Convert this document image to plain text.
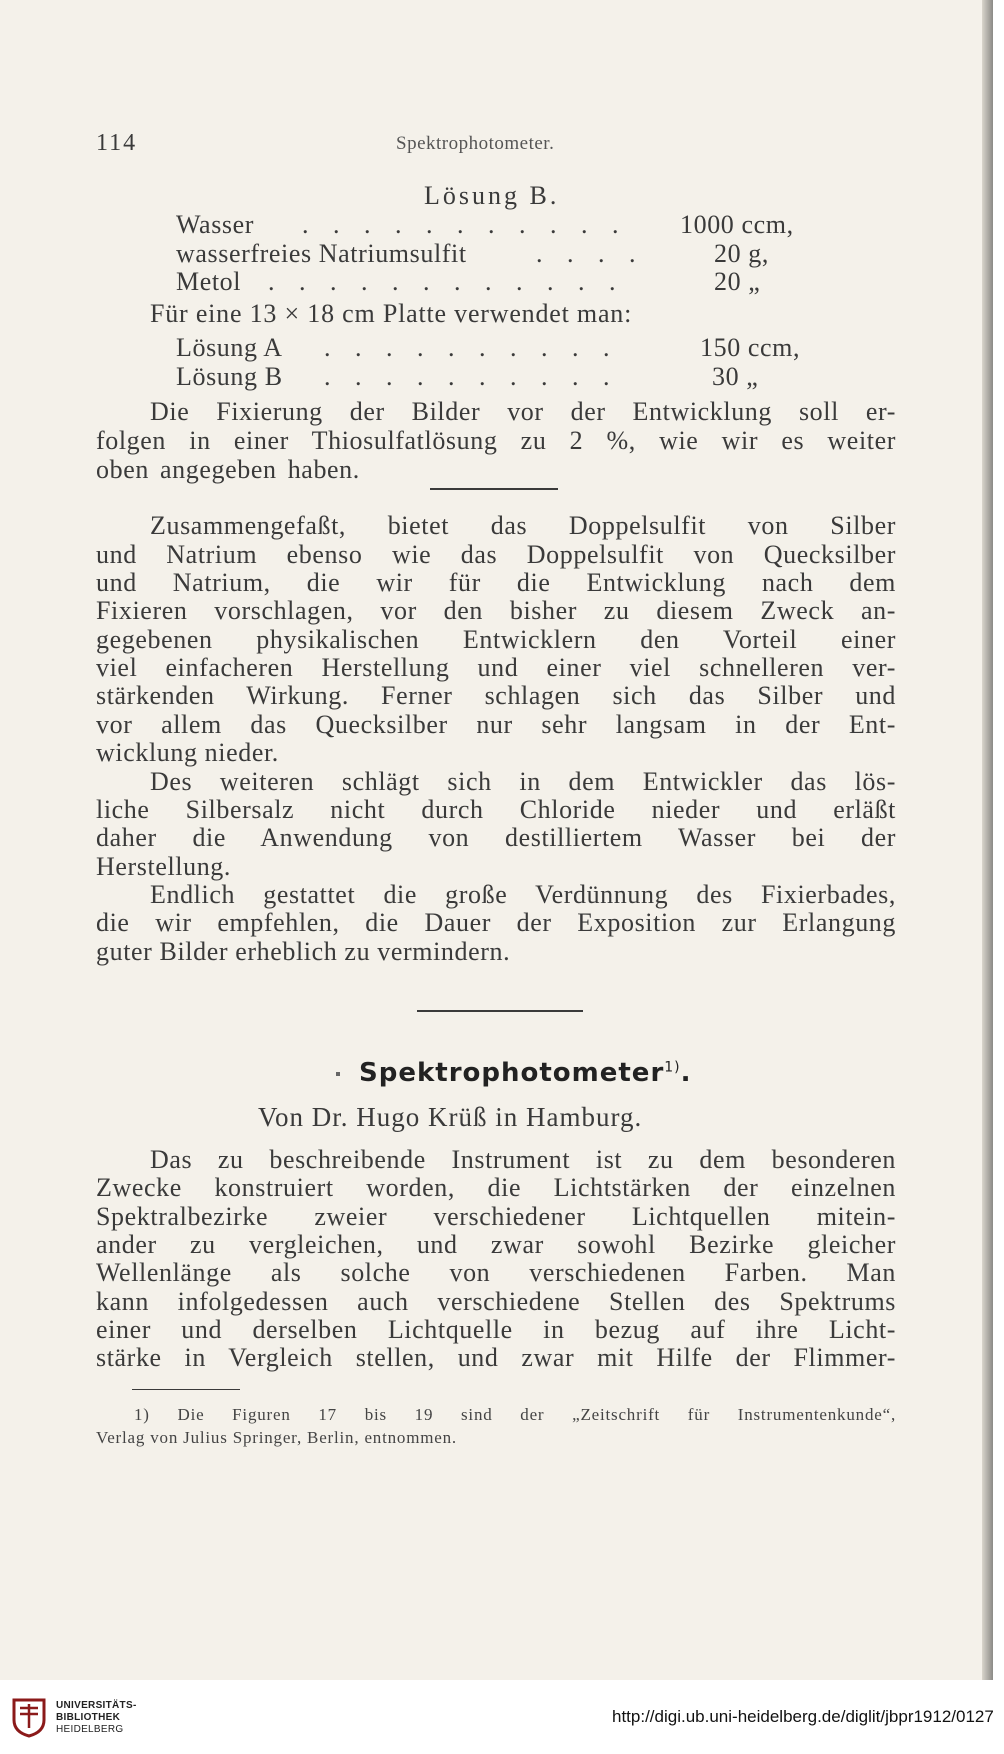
114	Spektrophotometer.
Lösung B.
Wasser . . . . . . . . . . . 1000 ccm,
wasserfreies Natriumsulfit	. . . .	20 g,
Metol . . . . . . . . . . . .	20 „
Für eine 13 × 18 cm Platte verwendet man:
Lösung A . . . . . . . . . .	150 ccm,
Lösung B . . . . . . . . . .	30 „
Die Fixierung der Bilder vor der Entwicklung soll er-
folgen in einer Thiosulfatlösung zu 2 %, wie wir es weiter
oben angegeben haben.
Zusammengefaßt, bietet das Doppelsulfit von Silber
und Natrium ebenso wie das Doppelsulfit von Quecksilber
und Natrium, die wir für die Entwicklung nach dem
Fixieren vorschlagen, vor den bisher zu diesem Zweck an-
gegebenen physikalischen Entwicklern den Vorteil einer
viel einfacheren Herstellung und einer viel schnelleren ver-
stärkenden Wirkung. Ferner schlagen sich das Silber und
vor allem das Quecksilber nur sehr langsam in der Ent-
wicklung nieder.
Des weiteren schlägt sich in dem Entwickler das lös-
liche Silbersalz nicht durch Chloride nieder und erläßt
daher die Anwendung von destilliertem Wasser bei der
Herstellung.
Endlich gestattet die große Verdünnung des Fixierbades,
die wir empfehlen, die Dauer der Exposition zur Erlangung
guter Bilder erheblich zu vermindern.
Spektrophotometer$^{1)}$.
Von Dr. Hugo Krüß in Hamburg.
Das zu beschreibende Instrument ist zu dem besonderen
Zwecke konstruiert worden, die Lichtstärken der einzelnen
Spektralbezirke zweier verschiedener Lichtquellen mitein-
ander zu vergleichen, und zwar sowohl Bezirke gleicher
Wellenlänge als solche von verschiedenen Farben. Man
kann infolgedessen auch verschiedene Stellen des Spektrums
einer und derselben Lichtquelle in bezug auf ihre Licht-
stärke in Vergleich stellen, und zwar mit Hilfe der Flimmer-
1) Die Figuren 17 bis 19 sind der „Zeitschrift für Instrumentenkunde“,
Verlag von Julius Springer, Berlin, entnommen.
UNIVERSITÄTS-
BIBLIOTHEK
HEIDELBERG
http://digi.ub.uni-heidelberg.de/diglit/jbpr1912/0127
